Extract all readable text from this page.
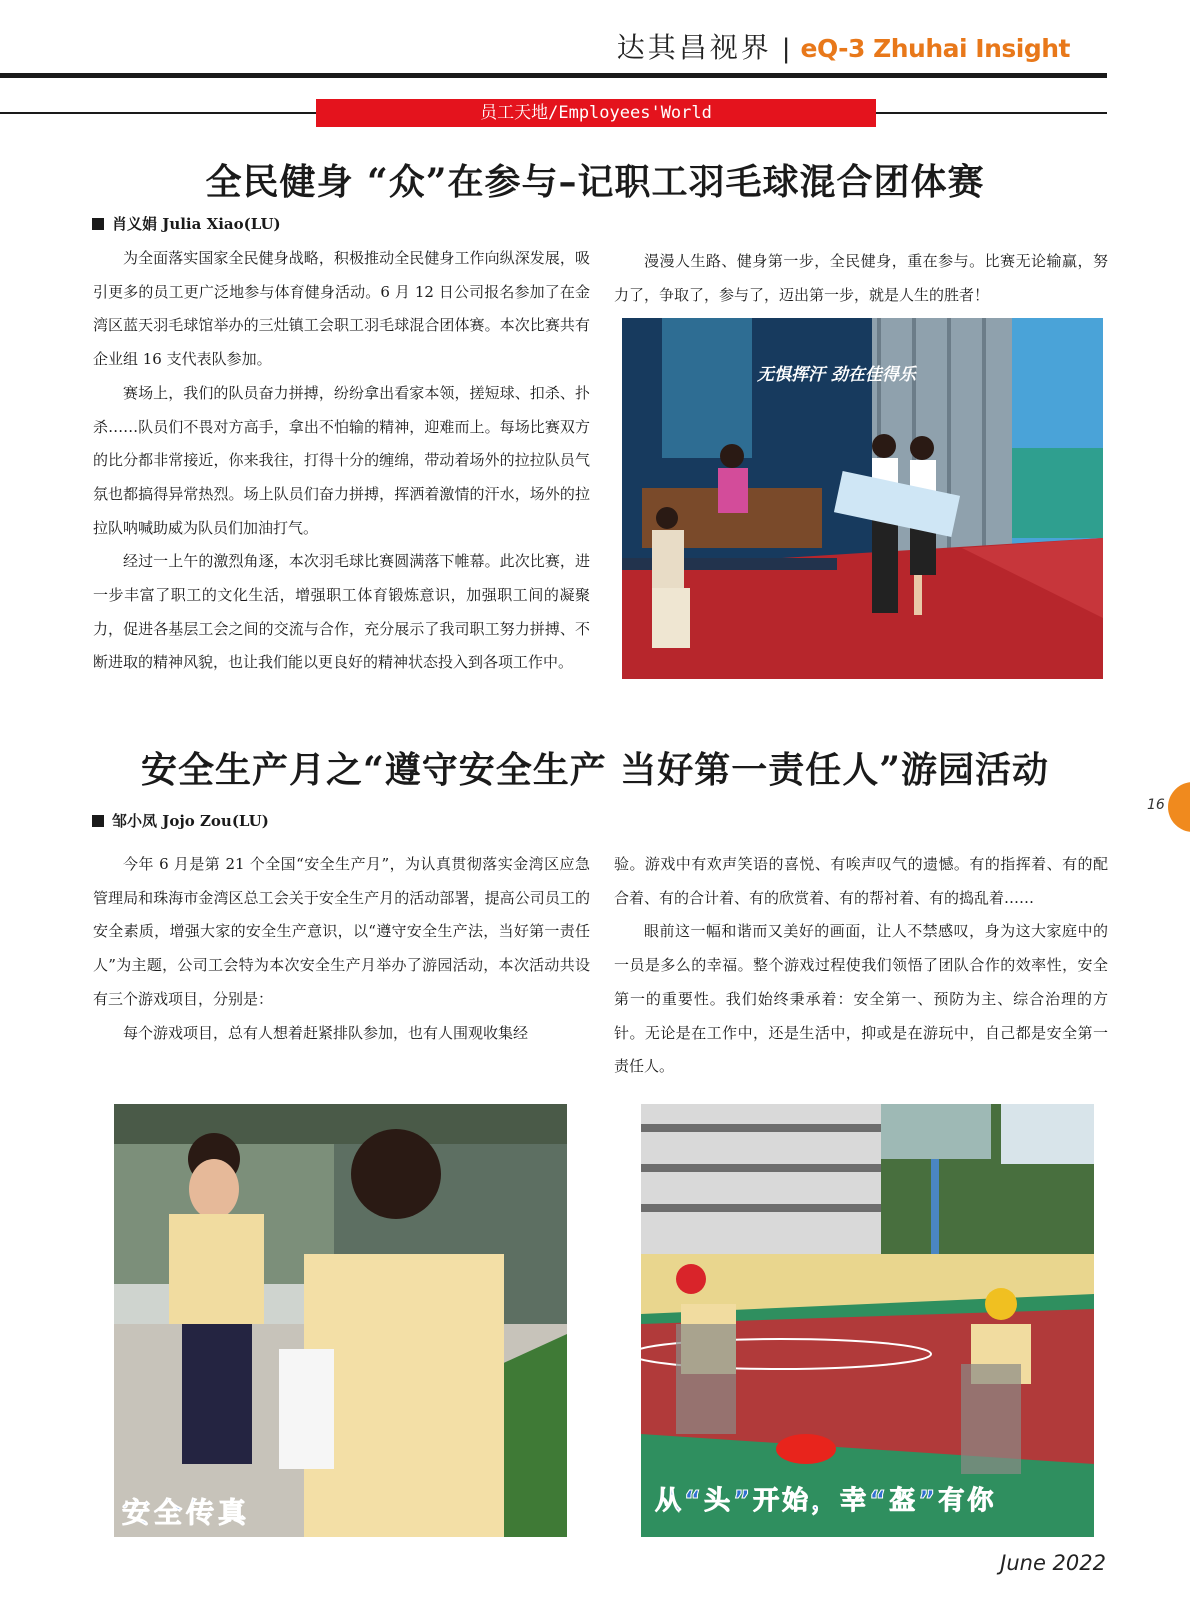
达其昌视界 | eQ-3 Zhuhai Insight
员工天地/Employees'World
全民健身 “众”在参与–记职工羽毛球混合团体赛
肖义娟 Julia Xiao(LU)

为全面落实国家全民健身战略，积极推动全民健身工作向纵深发展，吸引更多的员工更广泛地参与体育健身活动。6 月 12 日公司报名参加了在金湾区蓝天羽毛球馆举办的三灶镇工会职工羽毛球混合团体赛。本次比赛共有企业组 16 支代表队参加。

赛场上，我们的队员奋力拼搏，纷纷拿出看家本领，搓短球、扣杀、扑杀……队员们不畏对方高手，拿出不怕输的精神，迎难而上。每场比赛双方的比分都非常接近，你来我往，打得十分的缠绵，带动着场外的拉拉队员气氛也都搞得异常热烈。场上队员们奋力拼搏，挥洒着激情的汗水，场外的拉拉队呐喊助威为队员们加油打气。

经过一上午的激烈角逐，本次羽毛球比赛圆满落下帷幕。此次比赛，进一步丰富了职工的文化生活，增强职工体育锻炼意识，加强职工间的凝聚力，促进各基层工会之间的交流与合作，充分展示了我司职工努力拼搏、不断进取的精神风貌，也让我们能以更良好的精神状态投入到各项工作中。

漫漫人生路、健身第一步，全民健身，重在参与。比赛无论输赢，努力了，争取了，参与了，迈出第一步，就是人生的胜者！

无惧挥汗 劲在佳得乐
安全生产月之“遵守安全生产 当好第一责任人”游园活动
邹小凤 Jojo Zou(LU)

今年 6 月是第 21 个全国“安全生产月”，为认真贯彻落实金湾区应急管理局和珠海市金湾区总工会关于安全生产月的活动部署，提高公司员工的安全素质，增强大家的安全生产意识，以“遵守安全生产法，当好第一责任人”为主题，公司工会特为本次安全生产月举办了游园活动，本次活动共设有三个游戏项目，分别是：

每个游戏项目，总有人想着赶紧排队参加，也有人围观收集经

验。游戏中有欢声笑语的喜悦、有唉声叹气的遗憾。有的指挥着、有的配合着、有的合计着、有的欣赏着、有的帮衬着、有的捣乱着……

眼前这一幅和谐而又美好的画面，让人不禁感叹，身为这大家庭中的一员是多么的幸福。整个游戏过程使我们领悟了团队合作的效率性，安全第一的重要性。我们始终秉承着：安全第一、预防为主、综合治理的方针。无论是在工作中，还是生活中，抑或是在游玩中，自己都是安全第一责任人。

安全传真	从“头”开始，幸“盔”有你
16
June 2022
